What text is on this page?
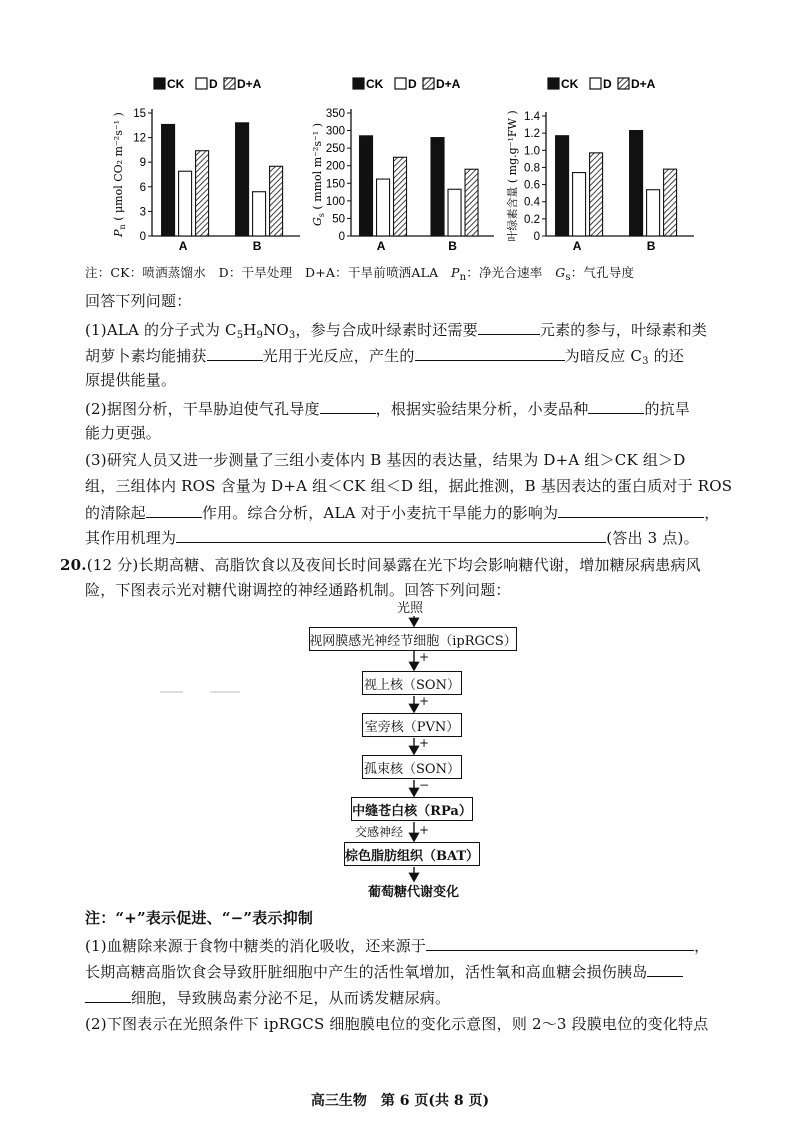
CK D D+A
0
3
6
9
12
15
$P_n$ ( μmol CO₂ m⁻²s⁻¹ )
A	B
CK D D+A
0
50
100
150
200
250
300
350
$G_s$ ( mmol m⁻²s⁻¹ )
A	B
CK D D+A
0
0.2
0.4
0.6
0.8
1.0
1.2
1.4
叶绿素含量 ( mg.g⁻¹FW )
A	B
注：CK：喷洒蒸馏水　D：干旱处理　D+A：干旱前喷洒ALA　$P_n$：净光合速率　$G_s$：气孔导度
回答下列问题：
(1)ALA 的分子式为 $C_5H_9NO_3$，参与合成叶绿素时还需要	元素的参与，叶绿素和类
胡萝卜素均能捕获	光用于光反应，产生的	为暗反应 $C_3$ 的还
原提供能量。
(2)据图分析，干旱胁迫使气孔导度	，根据实验结果分析，小麦品种	的抗旱
能力更强。
(3)研究人员又进一步测量了三组小麦体内 B 基因的表达量，结果为 D+A 组＞CK 组＞D
组，三组体内 ROS 含量为 D+A 组＜CK 组＜D 组，据此推测，B 基因表达的蛋白质对于 ROS
的清除起	作用。综合分析，ALA 对于小麦抗干旱能力的影响为	，
其作用机理为	(答出 3 点)。
20.(12 分)长期高糖、高脂饮食以及夜间长时间暴露在光下均会影响糖代谢，增加糖尿病患病风
险，下图表示光对糖代谢调控的神经通路机制。回答下列问题：
光照
视网膜感光神经节细胞（ipRGCS）
+
视上核（SON）
+
室旁核（PVN）
+
孤束核（SON）
−
中缝苍白核（RPa）
交感神经 +
棕色脂肪组织（BAT）
葡萄糖代谢变化
注：“+”表示促进、“−”表示抑制
(1)血糖除来源于食物中糖类的消化吸收，还来源于	，
长期高糖高脂饮食会导致肝脏细胞中产生的活性氧增加，活性氧和高血糖会损伤胰岛
细胞，导致胰岛素分泌不足，从而诱发糖尿病。
(2)下图表示在光照条件下 ipRGCS 细胞膜电位的变化示意图，则 2～3 段膜电位的变化特点
高三生物　第 6 页(共 8 页)
